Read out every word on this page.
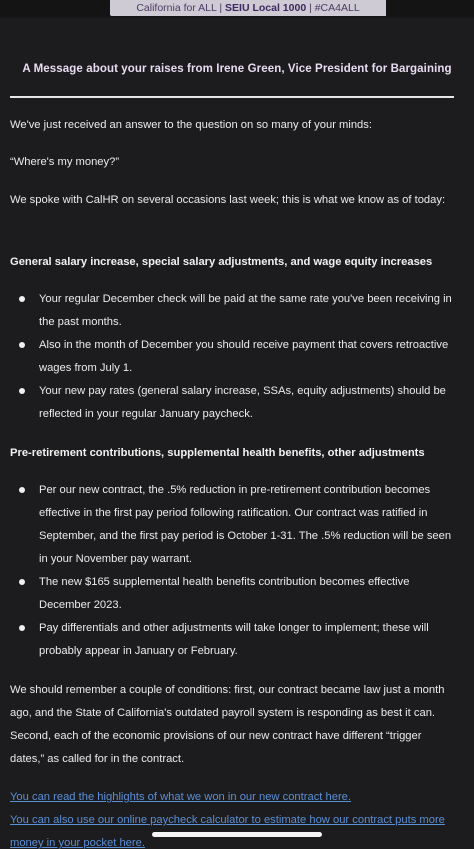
California for ALL | SEIU Local 1000 | #CA4ALL
A Message about your raises from Irene Green, Vice President for Bargaining
We've just received an answer to the question on so many of your minds:
“Where's my money?”
We spoke with CalHR on several occasions last week; this is what we know as of today:
General salary increase, special salary adjustments, and wage equity increases
Your regular December check will be paid at the same rate you've been receiving in the past months.
Also in the month of December you should receive payment that covers retroactive wages from July 1.
Your new pay rates (general salary increase, SSAs, equity adjustments) should be reflected in your regular January paycheck.
Pre-retirement contributions, supplemental health benefits, other adjustments
Per our new contract, the .5% reduction in pre-retirement contribution becomes effective in the first pay period following ratification. Our contract was ratified in September, and the first pay period is October 1-31. The .5% reduction will be seen in your November pay warrant.
The new $165 supplemental health benefits contribution becomes effective December 2023.
Pay differentials and other adjustments will take longer to implement; these will probably appear in January or February.
We should remember a couple of conditions: first, our contract became law just a month ago, and the State of California's outdated payroll system is responding as best it can. Second, each of the economic provisions of our new contract have different “trigger dates,” as called for in the contract.
You can read the highlights of what we won in our new contract here.
You can also use our online paycheck calculator to estimate how our contract puts more money in your pocket here.
